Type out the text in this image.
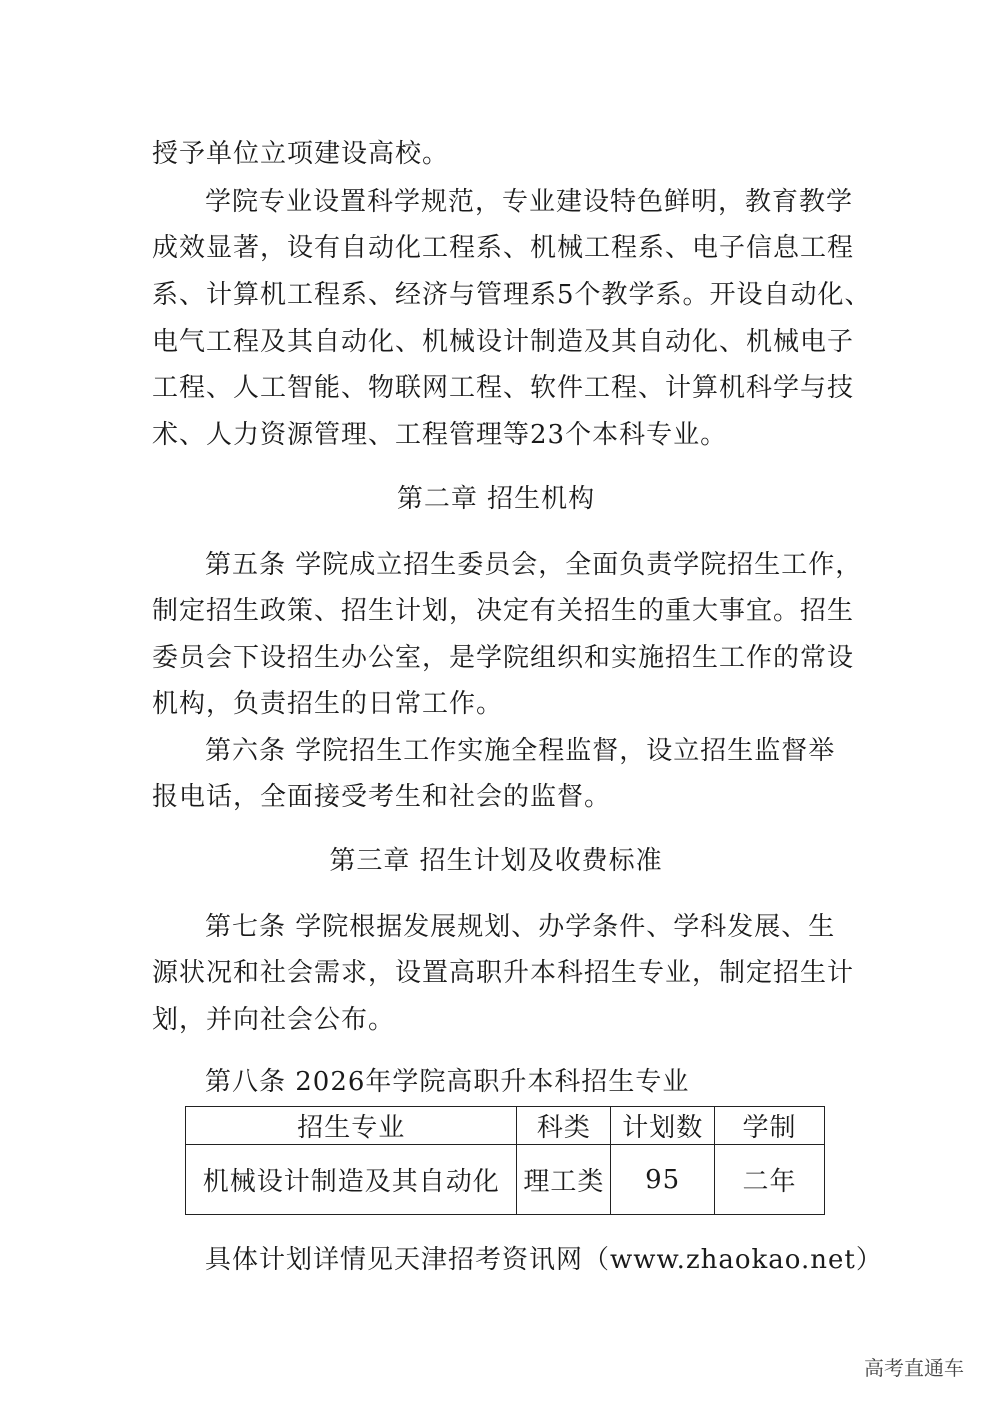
授予单位立项建设高校。
学院专业设置科学规范，专业建设特色鲜明，教育教学
成效显著，设有自动化工程系、机械工程系、电子信息工程
系、计算机工程系、经济与管理系5个教学系。开设自动化、
电气工程及其自动化、机械设计制造及其自动化、机械电子
工程、人工智能、物联网工程、软件工程、计算机科学与技
术、人力资源管理、工程管理等23个本科专业。
第二章 招生机构
第五条 学院成立招生委员会，全面负责学院招生工作，
制定招生政策、招生计划，决定有关招生的重大事宜。招生
委员会下设招生办公室，是学院组织和实施招生工作的常设
机构，负责招生的日常工作。
第六条 学院招生工作实施全程监督，设立招生监督举
报电话，全面接受考生和社会的监督。
第三章 招生计划及收费标准
第七条 学院根据发展规划、办学条件、学科发展、生
源状况和社会需求，设置高职升本科招生专业，制定招生计
划，并向社会公布。
第八条 2026年学院高职升本科招生专业
招生专业	科类	计划数	学制
机械设计制造及其自动化	理工类	95	二年
具体计划详情见天津招考资讯网（www.zhaokao.net）
高考直通车
